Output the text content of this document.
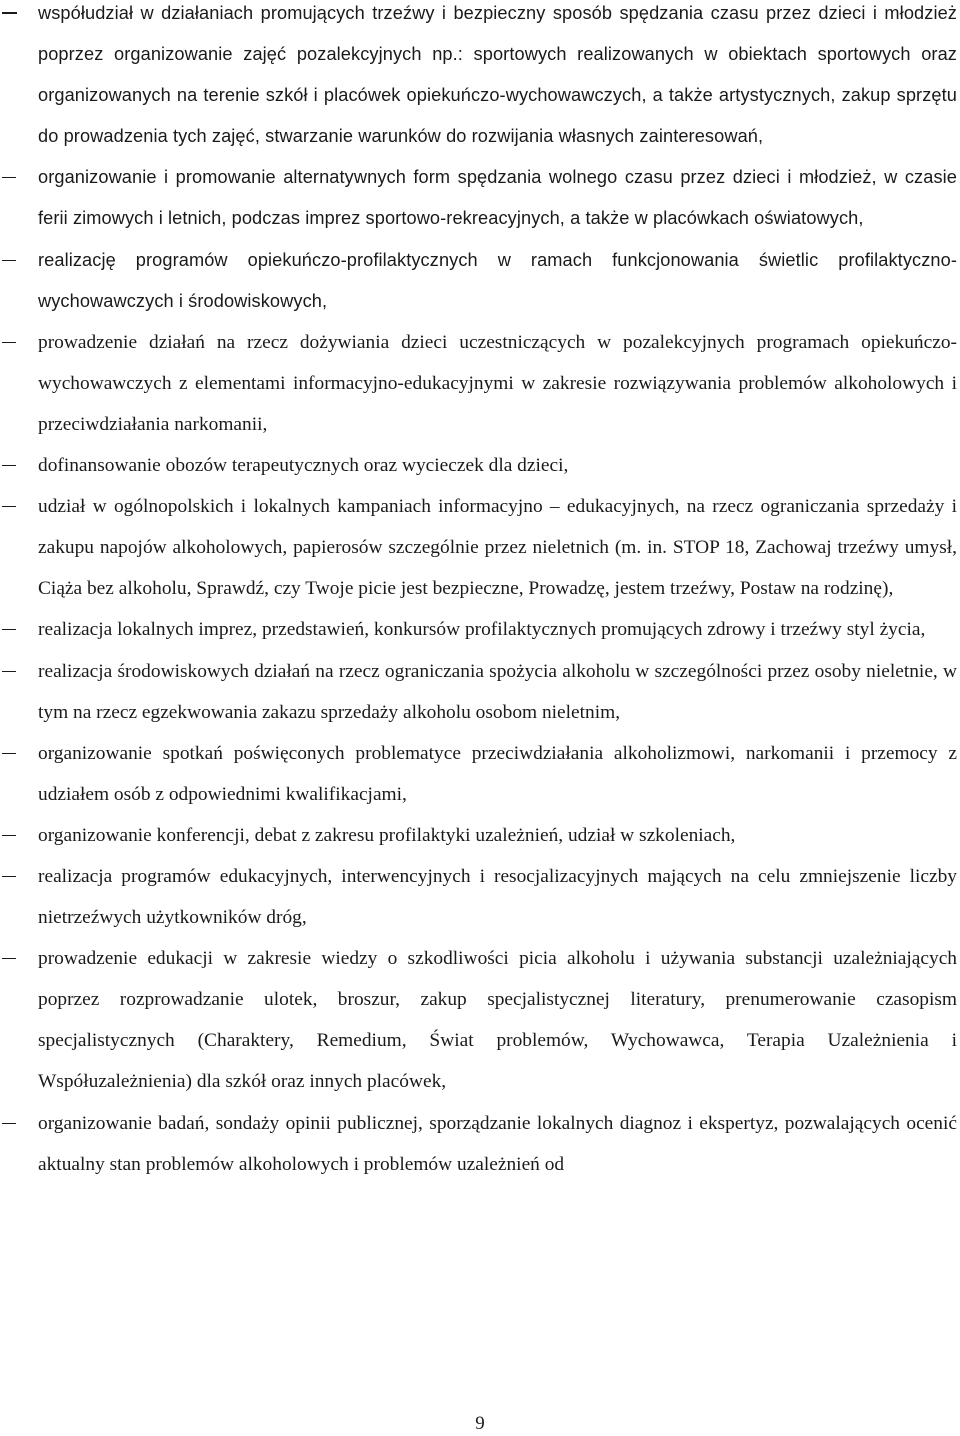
współudział w działaniach promujących trzeźwy i bezpieczny sposób spędzania czasu przez dzieci i młodzież poprzez organizowanie zajęć pozalekcyjnych np.: sportowych realizowanych w obiektach sportowych oraz organizowanych na terenie szkół i placówek opiekuńczo-wychowawczych, a także artystycznych, zakup sprzętu do prowadzenia tych zajęć, stwarzanie warunków do rozwijania własnych zainteresowań,
organizowanie i promowanie alternatywnych form spędzania wolnego czasu przez dzieci i młodzież, w czasie ferii zimowych i letnich, podczas imprez sportowo-rekreacyjnych, a także w placówkach oświatowych,
realizację programów opiekuńczo-profilaktycznych w ramach funkcjonowania świetlic profilaktyczno-wychowawczych i środowiskowych,
prowadzenie działań na rzecz dożywiania dzieci uczestniczących w pozalekcyjnych programach opiekuńczo-wychowawczych z elementami informacyjno-edukacyjnymi w zakresie rozwiązywania problemów alkoholowych i przeciwdziałania narkomanii,
dofinansowanie obozów terapeutycznych oraz wycieczek dla dzieci,
udział w ogólnopolskich i lokalnych kampaniach informacyjno – edukacyjnych, na rzecz ograniczania sprzedaży i zakupu napojów alkoholowych, papierosów szczególnie przez nieletnich (m. in. STOP 18, Zachowaj trzeźwy umysł, Ciąża bez alkoholu, Sprawdź, czy Twoje picie jest bezpieczne, Prowadzę, jestem trzeźwy, Postaw na rodzinę),
realizacja lokalnych imprez, przedstawień, konkursów profilaktycznych promujących zdrowy i trzeźwy styl życia,
realizacja środowiskowych działań na rzecz ograniczania spożycia alkoholu w szczególności przez osoby nieletnie, w tym na rzecz egzekwowania zakazu sprzedaży alkoholu osobom nieletnim,
organizowanie spotkań poświęconych problematyce przeciwdziałania alkoholizmowi, narkomanii i przemocy z udziałem osób z odpowiednimi kwalifikacjami,
organizowanie konferencji, debat z zakresu profilaktyki uzależnień, udział w szkoleniach,
realizacja programów edukacyjnych, interwencyjnych i resocjalizacyjnych mających na celu zmniejszenie liczby nietrzeźwych użytkowników dróg,
prowadzenie edukacji w zakresie wiedzy o szkodliwości picia alkoholu i używania substancji uzależniających poprzez rozprowadzanie ulotek, broszur, zakup specjalistycznej literatury, prenumerowanie czasopism specjalistycznych (Charaktery, Remedium, Świat problemów, Wychowawca, Terapia Uzależnienia i Współuzależnienia) dla szkół oraz innych placówek,
organizowanie badań, sondaży opinii publicznej, sporządzanie lokalnych diagnoz i ekspertyz, pozwalających ocenić aktualny stan problemów alkoholowych i problemów uzależnień od
9
